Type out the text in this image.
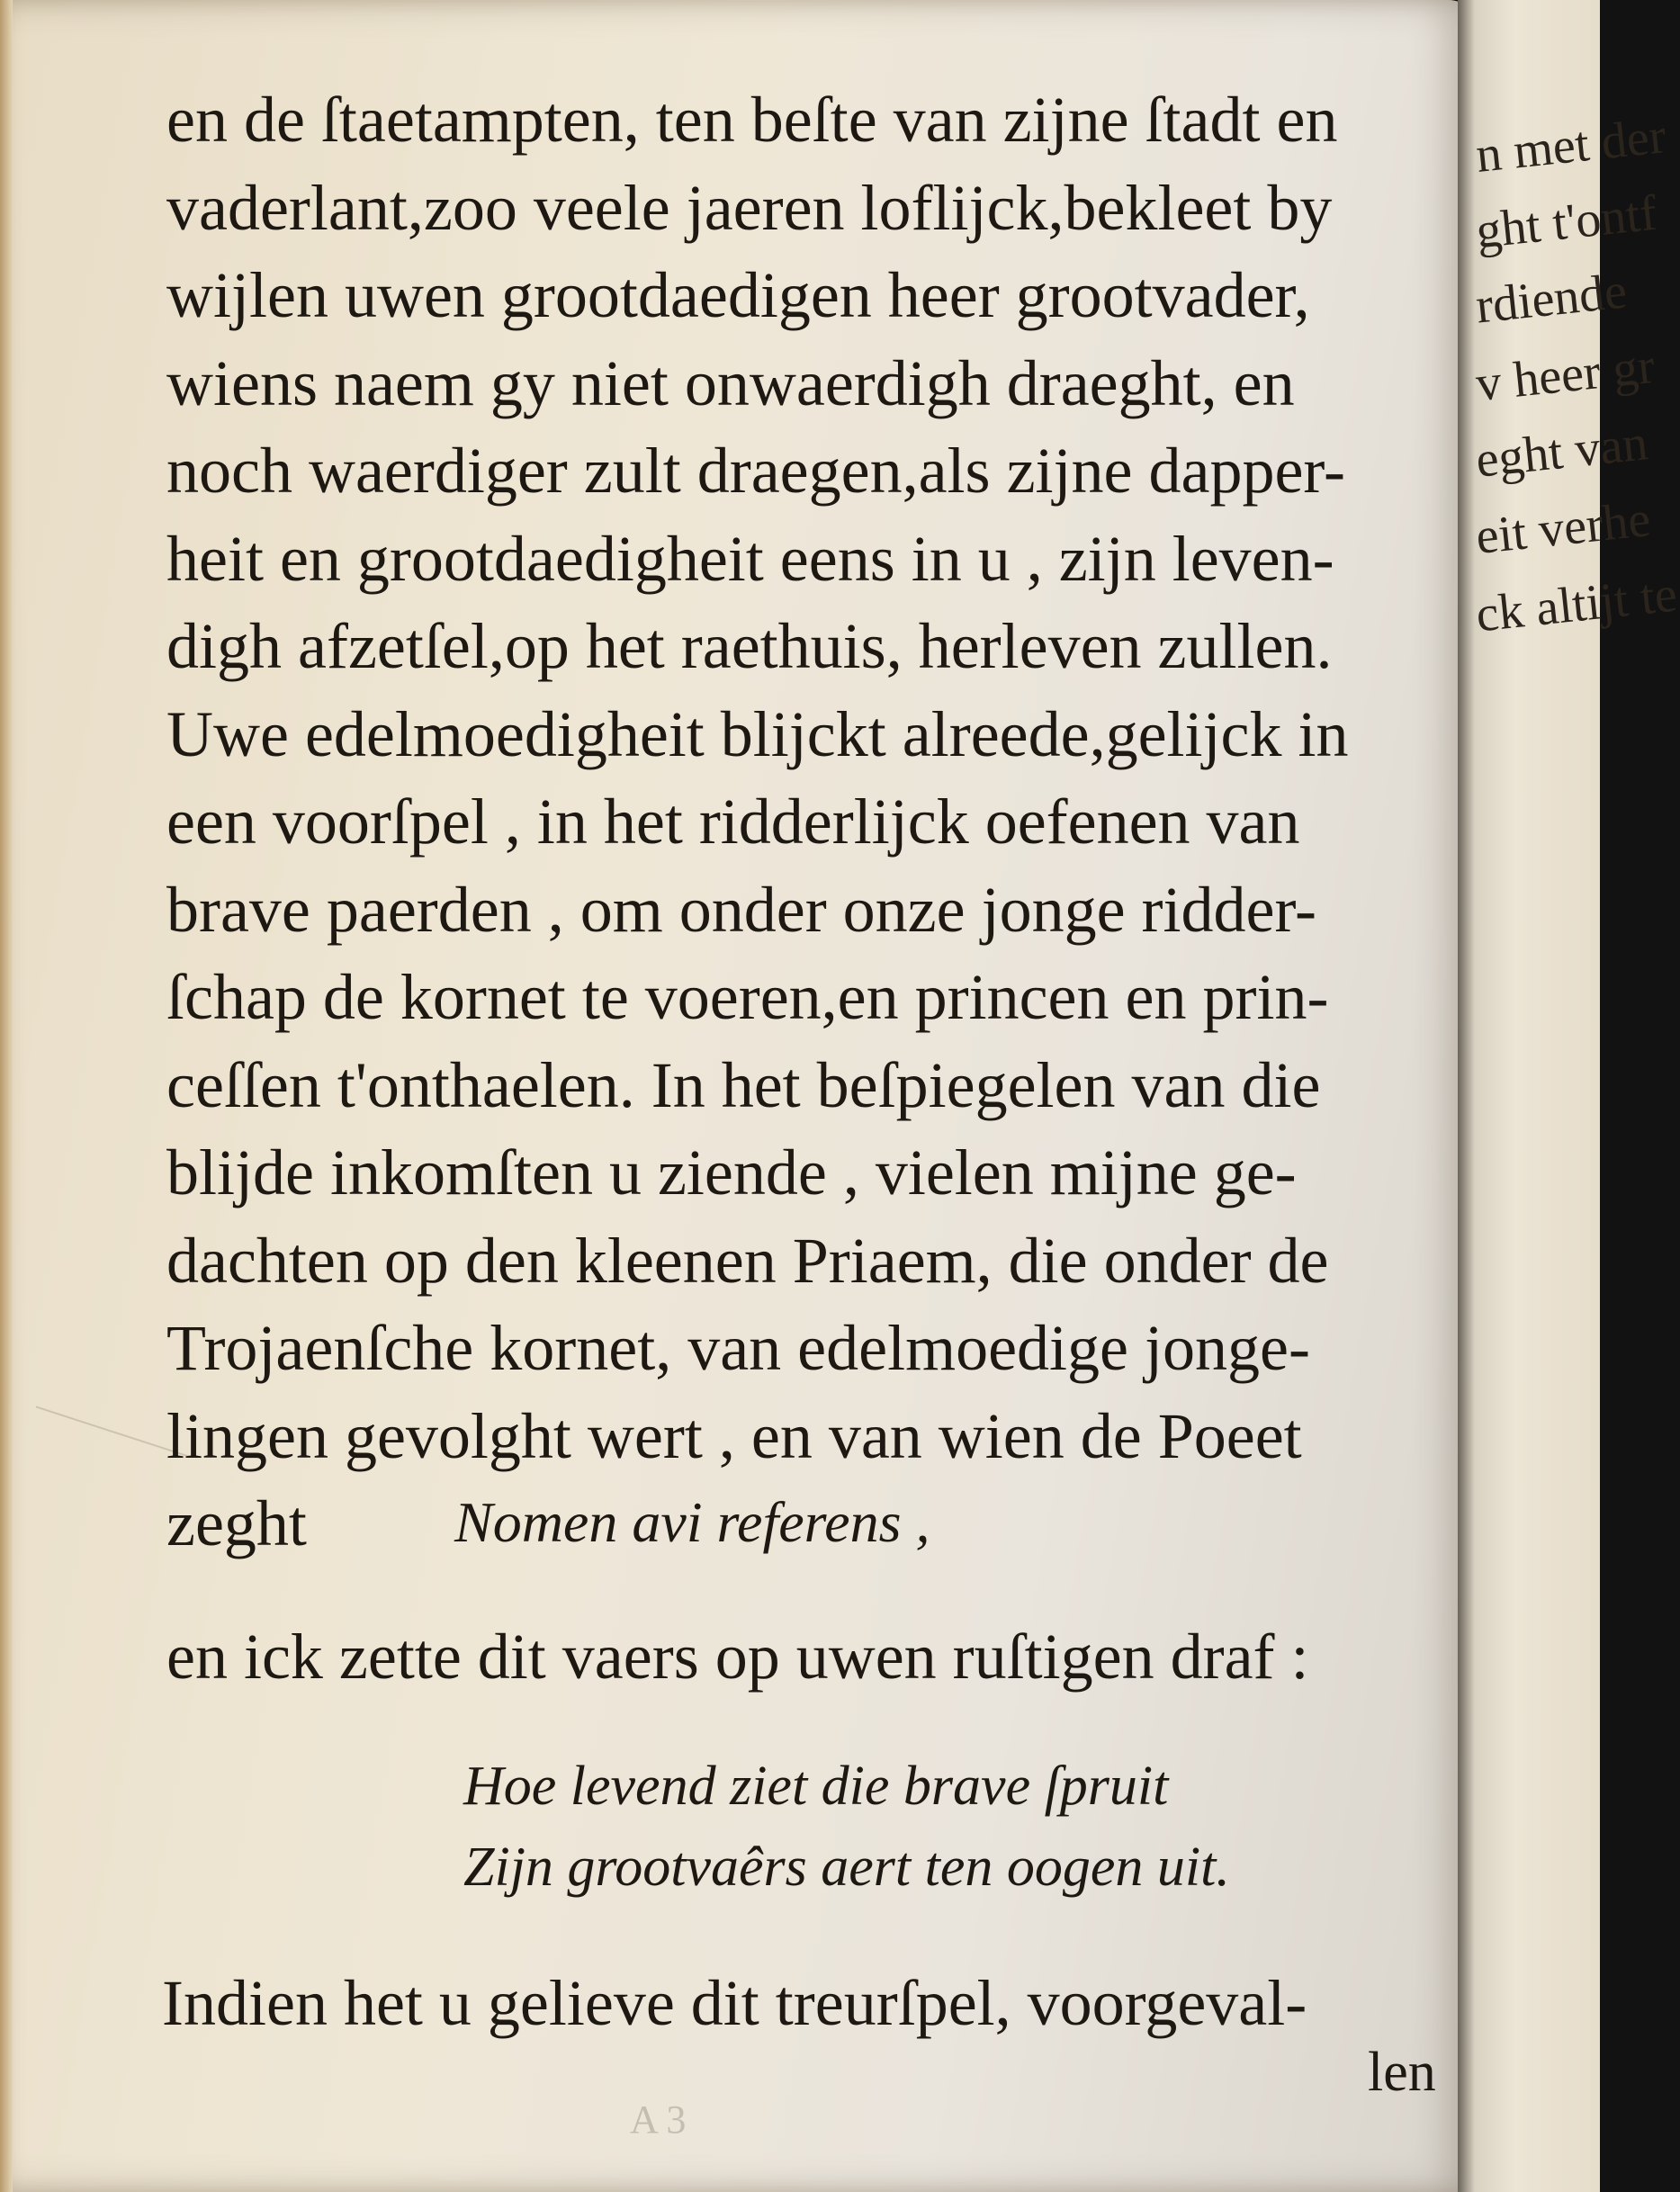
en de ſtaetampten, ten beſte van zijne ſtadt en
vaderlant,zoo veele jaeren loflijck,bekleet by
wijlen uwen grootdaedigen heer grootvader,
wiens naem gy niet onwaerdigh draeght, en
noch waerdiger zult draegen,als zijne dapper-
heit en grootdaedigheit eens in u , zijn leven-
digh afzetſel,op het raethuis, herleven zullen.
Uwe edelmoedigheit blijckt alreede,gelijck in
een voorſpel , in het ridderlijck oefenen van
brave paerden , om onder onze jonge ridder-
ſchap de kornet te voeren,en princen en prin-
ceſſen t'onthaelen. In het beſpiegelen van die
blijde inkomſten u ziende , vielen mijne ge-
dachten op den kleenen Priaem, die onder de
Trojaenſche kornet, van edelmoedige jonge-
lingen gevolght wert , en van wien de Poeet
zeght	Nomen avi referens ,
en ick zette dit vaers op uwen ruſtigen draf :
Hoe levend ziet die brave ſpruit
Zijn grootvaêrs aert ten oogen uit.
Indien het u gelieve dit treurſpel, voorgeval-
len
A 3
n met der
ght t'ontf
rdiende
v heer gr
eght van
eit verhe
ck altijt te
